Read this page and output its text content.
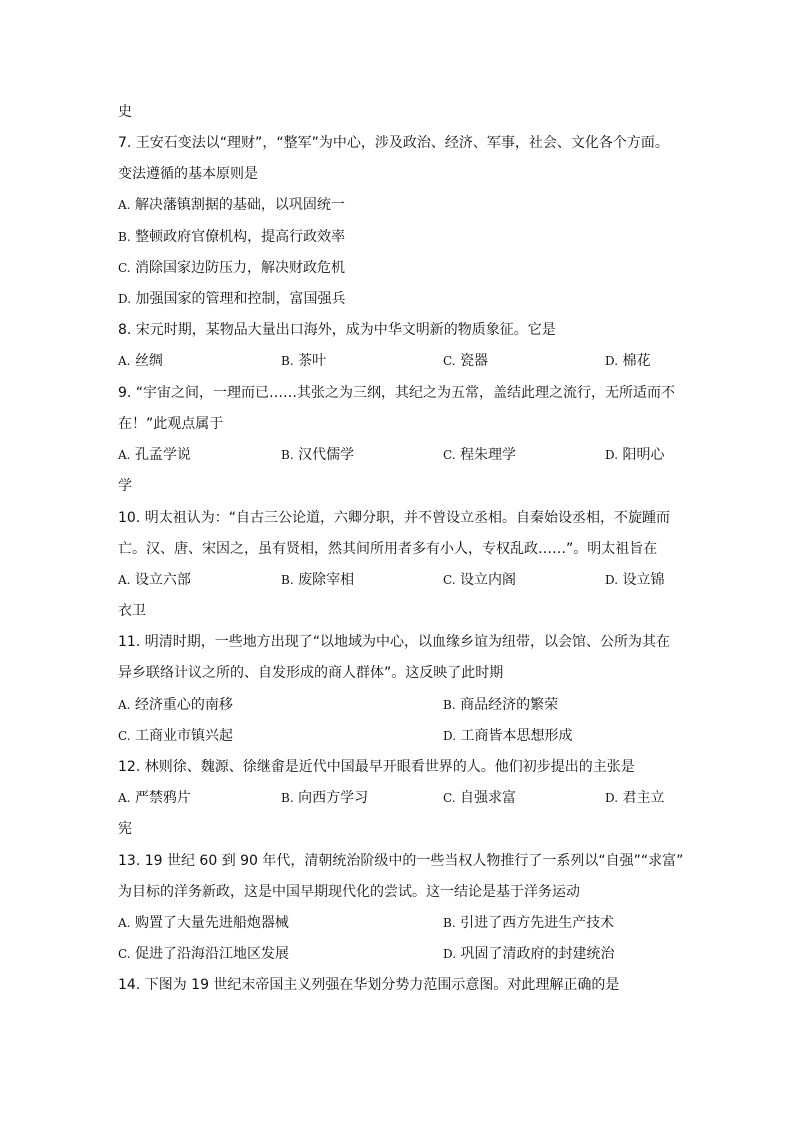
史
7. 王安石变法以“理财”，“整军”为中心，涉及政治、经济、军事，社会、文化各个方面。
变法遵循的基本原则是
A. 解决藩镇割据的基础，以巩固统一
B. 整顿政府官僚机构，提高行政效率
C. 消除国家边防压力，解决财政危机
D. 加强国家的管理和控制，富国强兵
8. 宋元时期，某物品大量出口海外，成为中华文明新的物质象征。它是
A. 丝绸	B. 茶叶	C. 瓷器	D. 棉花
9. “宇宙之间，一理而已……其张之为三纲，其纪之为五常，盖结此理之流行，无所适而不
在！”此观点属于
A. 孔孟学说	B. 汉代儒学	C. 程朱理学	D. 阳明心
学
10. 明太祖认为：“自古三公论道，六卿分职，并不曾设立丞相。自秦始设丞相，不旋踵而
亡。汉、唐、宋因之，虽有贤相，然其间所用者多有小人，专权乱政……”。明太祖旨在
A. 设立六部	B. 废除宰相	C. 设立内阁	D. 设立锦
衣卫
11. 明清时期，一些地方出现了“以地域为中心，以血缘乡谊为纽带，以会馆、公所为其在
异乡联络计议之所的、自发形成的商人群体”。这反映了此时期
A. 经济重心的南移	B. 商品经济的繁荣
C. 工商业市镇兴起	D. 工商皆本思想形成
12. 林则徐、魏源、徐继畬是近代中国最早开眼看世界的人。他们初步提出的主张是
A. 严禁鸦片	B. 向西方学习	C. 自强求富	D. 君主立
宪
13. 19 世纪 60 到 90 年代，清朝统治阶级中的一些当权人物推行了一系列以“自强”“求富”
为目标的洋务新政，这是中国早期现代化的尝试。这一结论是基于洋务运动
A. 购置了大量先进船炮器械	B. 引进了西方先进生产技术
C. 促进了沿海沿江地区发展	D. 巩固了清政府的封建统治
14. 下图为 19 世纪末帝国主义列强在华划分势力范围示意图。对此理解正确的是
